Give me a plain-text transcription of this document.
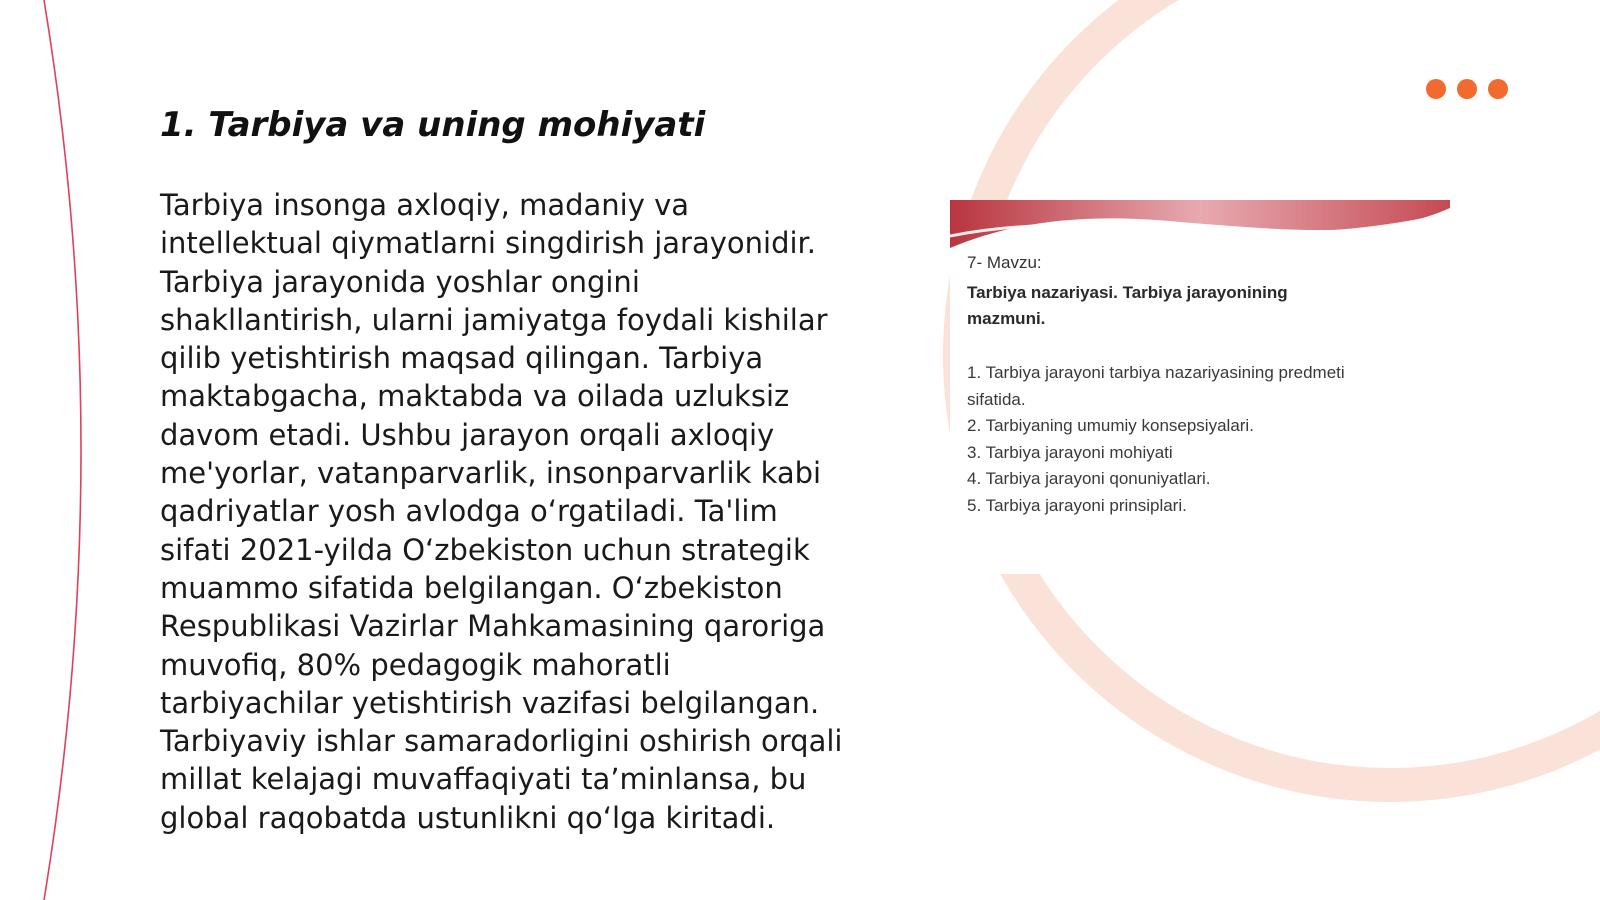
1. Tarbiya va uning mohiyati

Tarbiya insonga axloqiy, madaniy va intellektual qiymatlarni singdirish jarayonidir. Tarbiya jarayonida yoshlar ongini shakllantirish, ularni jamiyatga foydali kishilar qilib yetishtirish maqsad qilingan. Tarbiya maktabgacha, maktabda va oilada uzluksiz davom etadi. Ushbu jarayon orqali axloqiy me'yorlar, vatanparvarlik, insonparvarlik kabi qadriyatlar yosh avlodga o‘rgatiladi. Ta'lim sifati 2021-yilda O‘zbekiston uchun strategik muammo sifatida belgilangan. O‘zbekiston Respublikasi Vazirlar Mahkamasining qaroriga muvofiq, 80% pedagogik mahoratli tarbiyachilar yetishtirish vazifasi belgilangan. Tarbiyaviy ishlar samaradorligini oshirish orqali millat kelajagi muvaffaqiyati ta’minlansa, bu global raqobatda ustunlikni qo‘lga kiritadi.

7- Mavzu:

Tarbiya nazariyasi. Tarbiya jarayonining mazmuni.

1. Tarbiya jarayoni tarbiya nazariyasining predmeti sifatida.
2. Tarbiyaning umumiy konsepsiyalari.
3. Tarbiya jarayoni mohiyati
4. Tarbiya jarayoni qonuniyatlari.
5. Tarbiya jarayoni prinsiplari.
